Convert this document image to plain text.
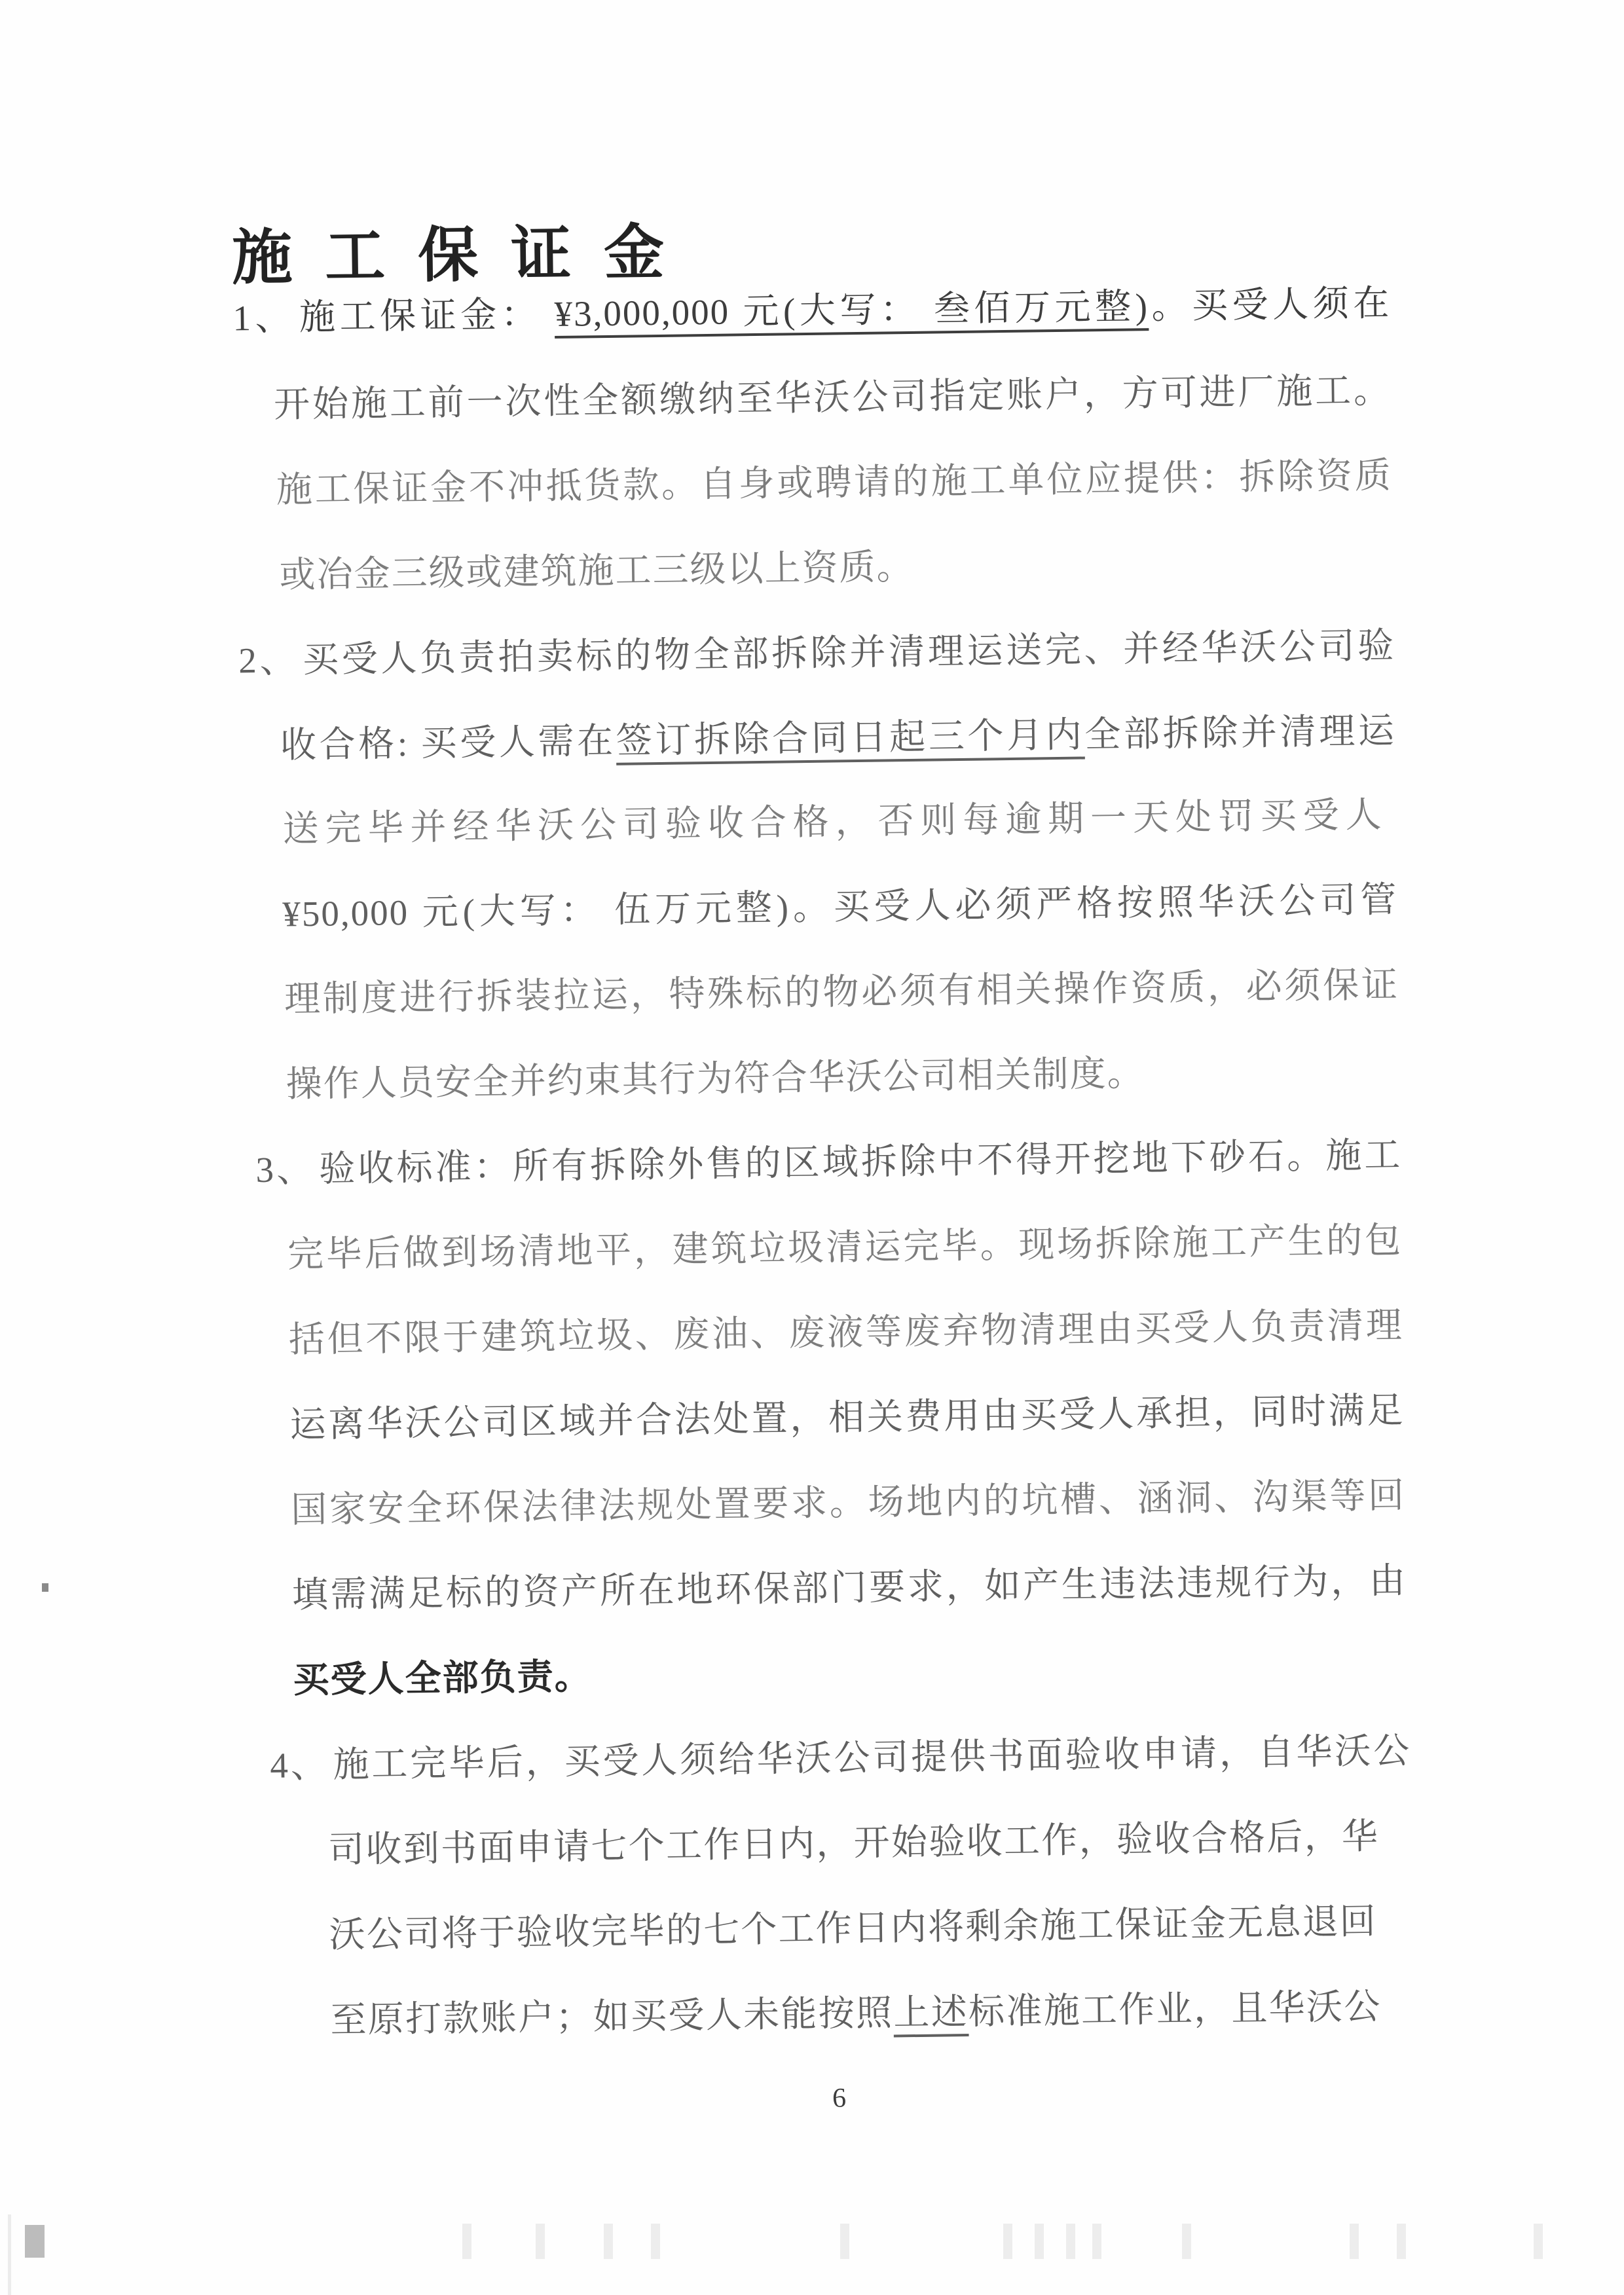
施工保证金
1、施工保证金： ¥3,000,000 元(大写： 叁佰万元整)。买受人须在
开始施工前一次性全额缴纳至华沃公司指定账户，方可进厂施工。
施工保证金不冲抵货款。自身或聘请的施工单位应提供：拆除资质
或冶金三级或建筑施工三级以上资质。
2、买受人负责拍卖标的物全部拆除并清理运送完、并经华沃公司验
收合格: 买受人需在签订拆除合同日起三个月内全部拆除并清理运
送完毕并经华沃公司验收合格，否则每逾期一天处罚买受人
¥50,000 元(大写： 伍万元整)。买受人必须严格按照华沃公司管
理制度进行拆装拉运，特殊标的物必须有相关操作资质，必须保证
操作人员安全并约束其行为符合华沃公司相关制度。
3、验收标准：所有拆除外售的区域拆除中不得开挖地下砂石。施工
完毕后做到场清地平，建筑垃圾清运完毕。现场拆除施工产生的包
括但不限于建筑垃圾、废油、废液等废弃物清理由买受人负责清理
运离华沃公司区域并合法处置，相关费用由买受人承担，同时满足
国家安全环保法律法规处置要求。场地内的坑槽、涵洞、沟渠等回
填需满足标的资产所在地环保部门要求，如产生违法违规行为，由
买受人全部负责。
4、施工完毕后，买受人须给华沃公司提供书面验收申请，自华沃公
司收到书面申请七个工作日内，开始验收工作，验收合格后，华
沃公司将于验收完毕的七个工作日内将剩余施工保证金无息退回
至原打款账户；如买受人未能按照上述标准施工作业，且华沃公
6
